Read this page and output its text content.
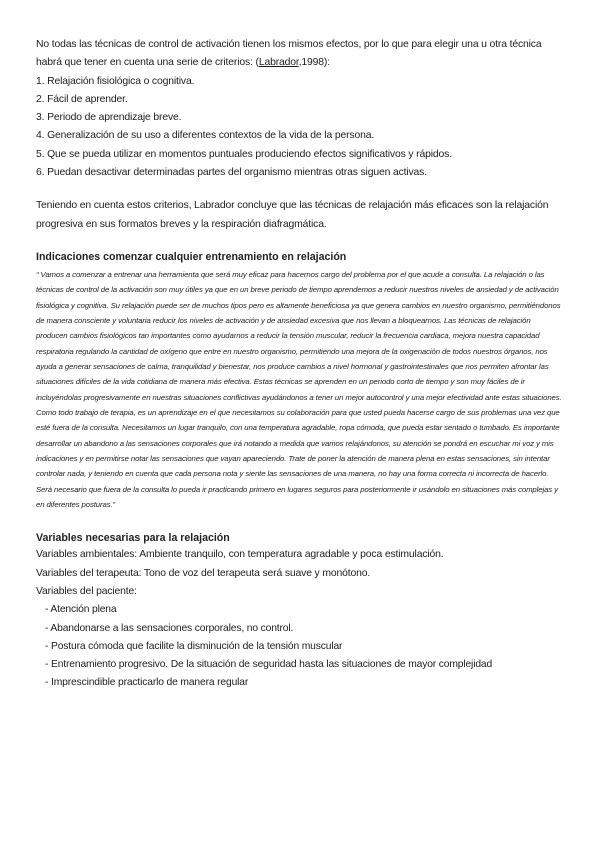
No todas las técnicas de control de activación tienen los mismos efectos, por lo que para elegir una u otra técnica habrá que tener en cuenta una serie de criterios: (Labrador,1998):

1. Relajación fisiológica o cognitiva.
2. Fácil de aprender.
3. Periodo de aprendizaje breve.
4. Generalización de su uso a diferentes contextos de la vida de la persona.
5. Que se pueda utilizar en momentos puntuales produciendo efectos significativos y rápidos.
6. Puedan desactivar determinadas partes del organismo mientras otras siguen activas.

Teniendo en cuenta estos criterios, Labrador concluye que las técnicas de relajación más eficaces son la relajación progresiva en sus formatos breves y la respiración diafragmática.

Indicaciones comenzar cualquier entrenamiento en relajación

“ Vamos a comenzar a entrenar una herramienta que será muy eficaz para hacernos cargo del problema por el que acude a consulta. La relajación o las técnicas de control de la activación son muy útiles ya que en un breve periodo de tiempo aprendemos a reducir nuestros niveles de ansiedad y de activación fisiológica y cognitiva. Su relajación puede ser de muchos tipos pero es altamente beneficiosa ya que genera cambios en nuestro organismo, permitiéndonos de manera consciente y voluntaria reducir los niveles de activación y de ansiedad excesiva que nos llevan a bloquearnos. Las técnicas de relajación producen cambios fisiológicos tan importantes como ayudarnos a reducir la tensión muscular, reducir la frecuencia cardiaca, mejora nuestra capacidad respiratoria regulando la cantidad de oxígeno que entre en nuestro organismo, permitiendo una mejora de la oxigenación de todos nuestros órganos, nos ayuda a generar sensaciones de calma, tranquilidad y bienestar, nos produce cambios a nivel hormonal y gastrointestinales que nos permiten afrontar las situaciones difíciles de la vida cotidiana de manera más efectiva. Estas técnicas se aprenden en un periodo corto de tiempo y son muy fáciles de ir incluyéndolas progresivamente en nuestras situaciones conflictivas ayudándonos a tener un mejor autocontrol y una mejor efectividad ante estas situaciones. Como todo trabajo de terapia, es un aprendizaje en el que necesitamos su colaboración para que usted pueda hacerse cargo de sus problemas una vez que esté fuera de la consulta. Necesitamos un lugar tranquilo, con una temperatura agradable, ropa cómoda, que pueda estar sentado o tumbado. Es importante desarrollar un abandono a las sensaciones corporales que irá notando a medida que vamos relajándonos, su atención se pondrá en escuchar mi voz y mis indicaciones y en permitirse notar las sensaciones que vayan apareciendo. Trate de poner la atención de manera plena en estas sensaciones, sin intentar controlar nada, y teniendo en cuenta que cada persona nota y siente las sensaciones de una manera, no hay una forma correcta ni incorrecta de hacerlo. Será necesario que fuera de la consulta lo pueda ir practicando primero en lugares seguros para posteriormente ir usándolo en situaciones más complejas y en diferentes posturas.”

Variables necesarias para la relajación

Variables ambientales: Ambiente tranquilo, con temperatura agradable y poca estimulación.

Variables del terapeuta: Tono de voz del terapeuta será suave y monótono.

Variables del paciente:

- Atención plena
- Abandonarse a las sensaciones corporales, no control.
- Postura cómoda que facilite la disminución de la tensión muscular
- Entrenamiento progresivo. De la situación de seguridad hasta las situaciones de mayor complejidad
- Imprescindible practicarlo de manera regular
